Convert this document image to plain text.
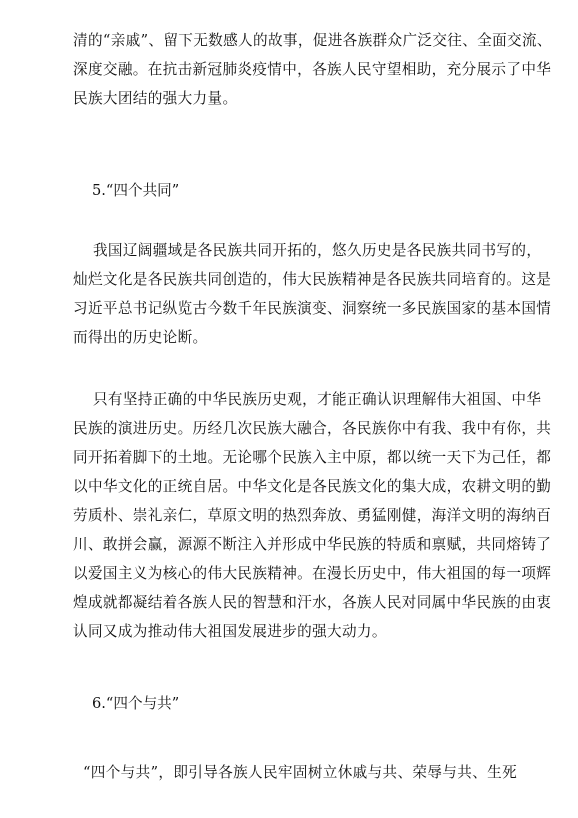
清的“亲戚”、留下无数感人的故事，促进各族群众广泛交往、全面交流、
深度交融。在抗击新冠肺炎疫情中，各族人民守望相助，充分展示了中华
民族大团结的强大力量。

5.“四个共同”

我国辽阔疆域是各民族共同开拓的，悠久历史是各民族共同书写的，
灿烂文化是各民族共同创造的，伟大民族精神是各民族共同培育的。这是
习近平总书记纵览古今数千年民族演变、洞察统一多民族国家的基本国情
而得出的历史论断。

只有坚持正确的中华民族历史观，才能正确认识理解伟大祖国、中华
民族的演进历史。历经几次民族大融合，各民族你中有我、我中有你，共
同开拓着脚下的土地。无论哪个民族入主中原，都以统一天下为己任，都
以中华文化的正统自居。中华文化是各民族文化的集大成，农耕文明的勤
劳质朴、崇礼亲仁，草原文明的热烈奔放、勇猛刚健，海洋文明的海纳百
川、敢拼会赢，源源不断注入并形成中华民族的特质和禀赋，共同熔铸了
以爱国主义为核心的伟大民族精神。在漫长历史中，伟大祖国的每一项辉
煌成就都凝结着各族人民的智慧和汗水，各族人民对同属中华民族的由衷
认同又成为推动伟大祖国发展进步的强大动力。

6.“四个与共”

“四个与共”，即引导各族人民牢固树立休戚与共、荣辱与共、生死
